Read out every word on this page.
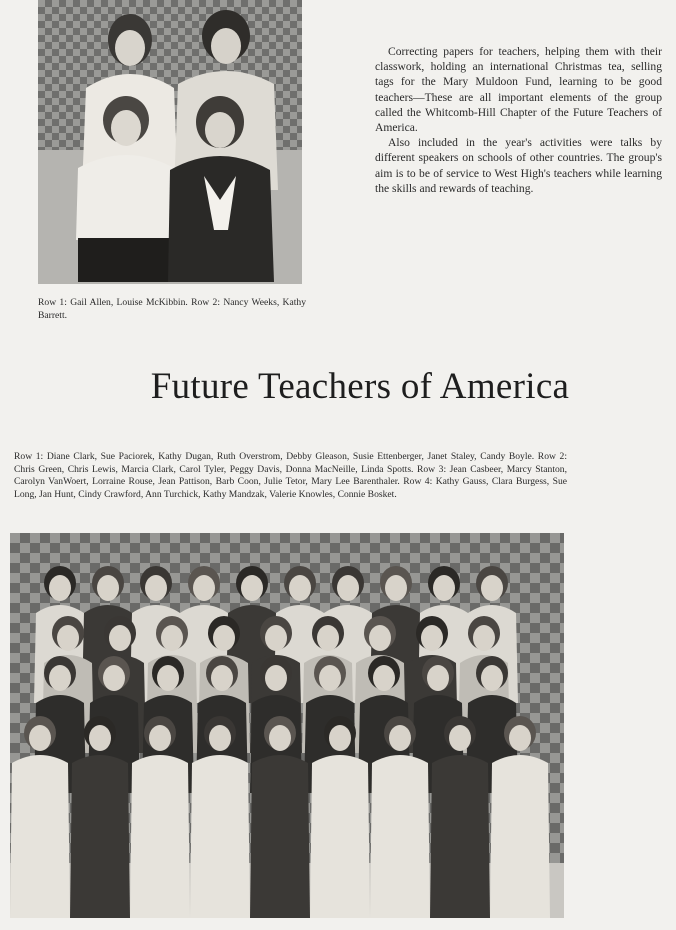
Correcting papers for teachers, helping them with their classwork, holding an international Christmas tea, selling tags for the Mary Muldoon Fund, learning to be good teachers—These are all important elements of the group called the Whitcomb-Hill Chapter of the Future Teachers of America.

Also included in the year's activities were talks by different speakers on schools of other countries. The group's aim is to be of service to West High's teachers while learning the skills and rewards of teaching.

Row 1: Gail Allen, Louise McKibbin. Row 2: Nancy Weeks, Kathy Barrett.
Future Teachers of America
Row 1: Diane Clark, Sue Paciorek, Kathy Dugan, Ruth Overstrom, Debby Gleason, Susie Ettenberger, Janet Staley, Candy Boyle. Row 2: Chris Green, Chris Lewis, Marcia Clark, Carol Tyler, Peggy Davis, Donna MacNeille, Linda Spotts. Row 3: Jean Casbeer, Marcy Stanton, Carolyn VanWoert, Lorraine Rouse, Jean Pattison, Barb Coon, Julie Tetor, Mary Lee Barenthaler. Row 4: Kathy Gauss, Clara Burgess, Sue Long, Jan Hunt, Cindy Crawford, Ann Turchick, Kathy Mandzak, Valerie Knowles, Connie Bosket.
